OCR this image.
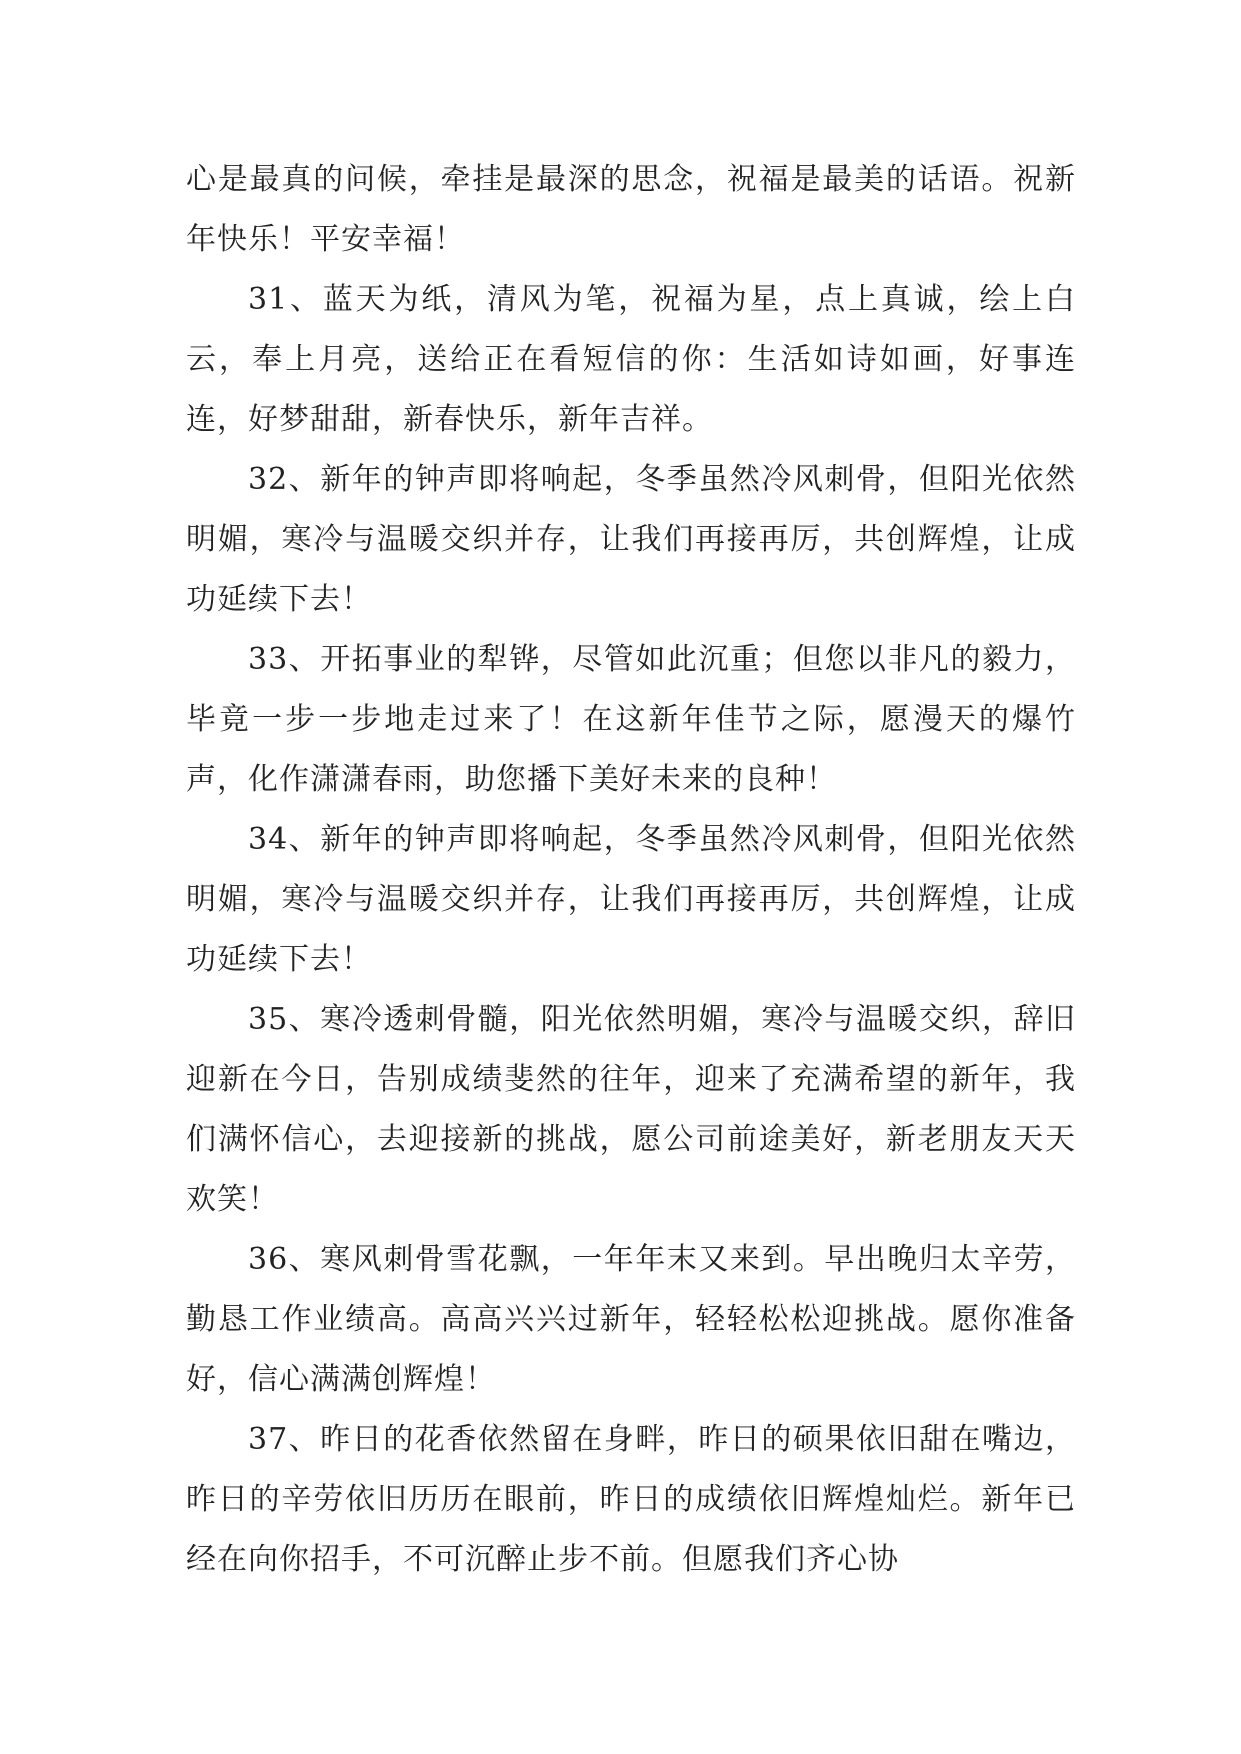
心是最真的问候，牵挂是最深的思念，祝福是最美的话语。祝新年快乐！平安幸福！

31、蓝天为纸，清风为笔，祝福为星，点上真诚，绘上白云，奉上月亮，送给正在看短信的你：生活如诗如画，好事连连，好梦甜甜，新春快乐，新年吉祥。

32、新年的钟声即将响起，冬季虽然冷风刺骨，但阳光依然明媚，寒冷与温暖交织并存，让我们再接再厉，共创辉煌，让成功延续下去！

33、开拓事业的犁铧，尽管如此沉重；但您以非凡的毅力，毕竟一步一步地走过来了！在这新年佳节之际，愿漫天的爆竹声，化作潇潇春雨，助您播下美好未来的良种！

34、新年的钟声即将响起，冬季虽然冷风刺骨，但阳光依然明媚，寒冷与温暖交织并存，让我们再接再厉，共创辉煌，让成功延续下去！

35、寒冷透刺骨髓，阳光依然明媚，寒冷与温暖交织，辞旧迎新在今日，告别成绩斐然的往年，迎来了充满希望的新年，我们满怀信心，去迎接新的挑战，愿公司前途美好，新老朋友天天欢笑！

36、寒风刺骨雪花飘，一年年末又来到。早出晚归太辛劳，勤恳工作业绩高。高高兴兴过新年，轻轻松松迎挑战。愿你准备好，信心满满创辉煌！

37、昨日的花香依然留在身畔，昨日的硕果依旧甜在嘴边，昨日的辛劳依旧历历在眼前，昨日的成绩依旧辉煌灿烂。新年已经在向你招手，不可沉醉止步不前。但愿我们齐心协
